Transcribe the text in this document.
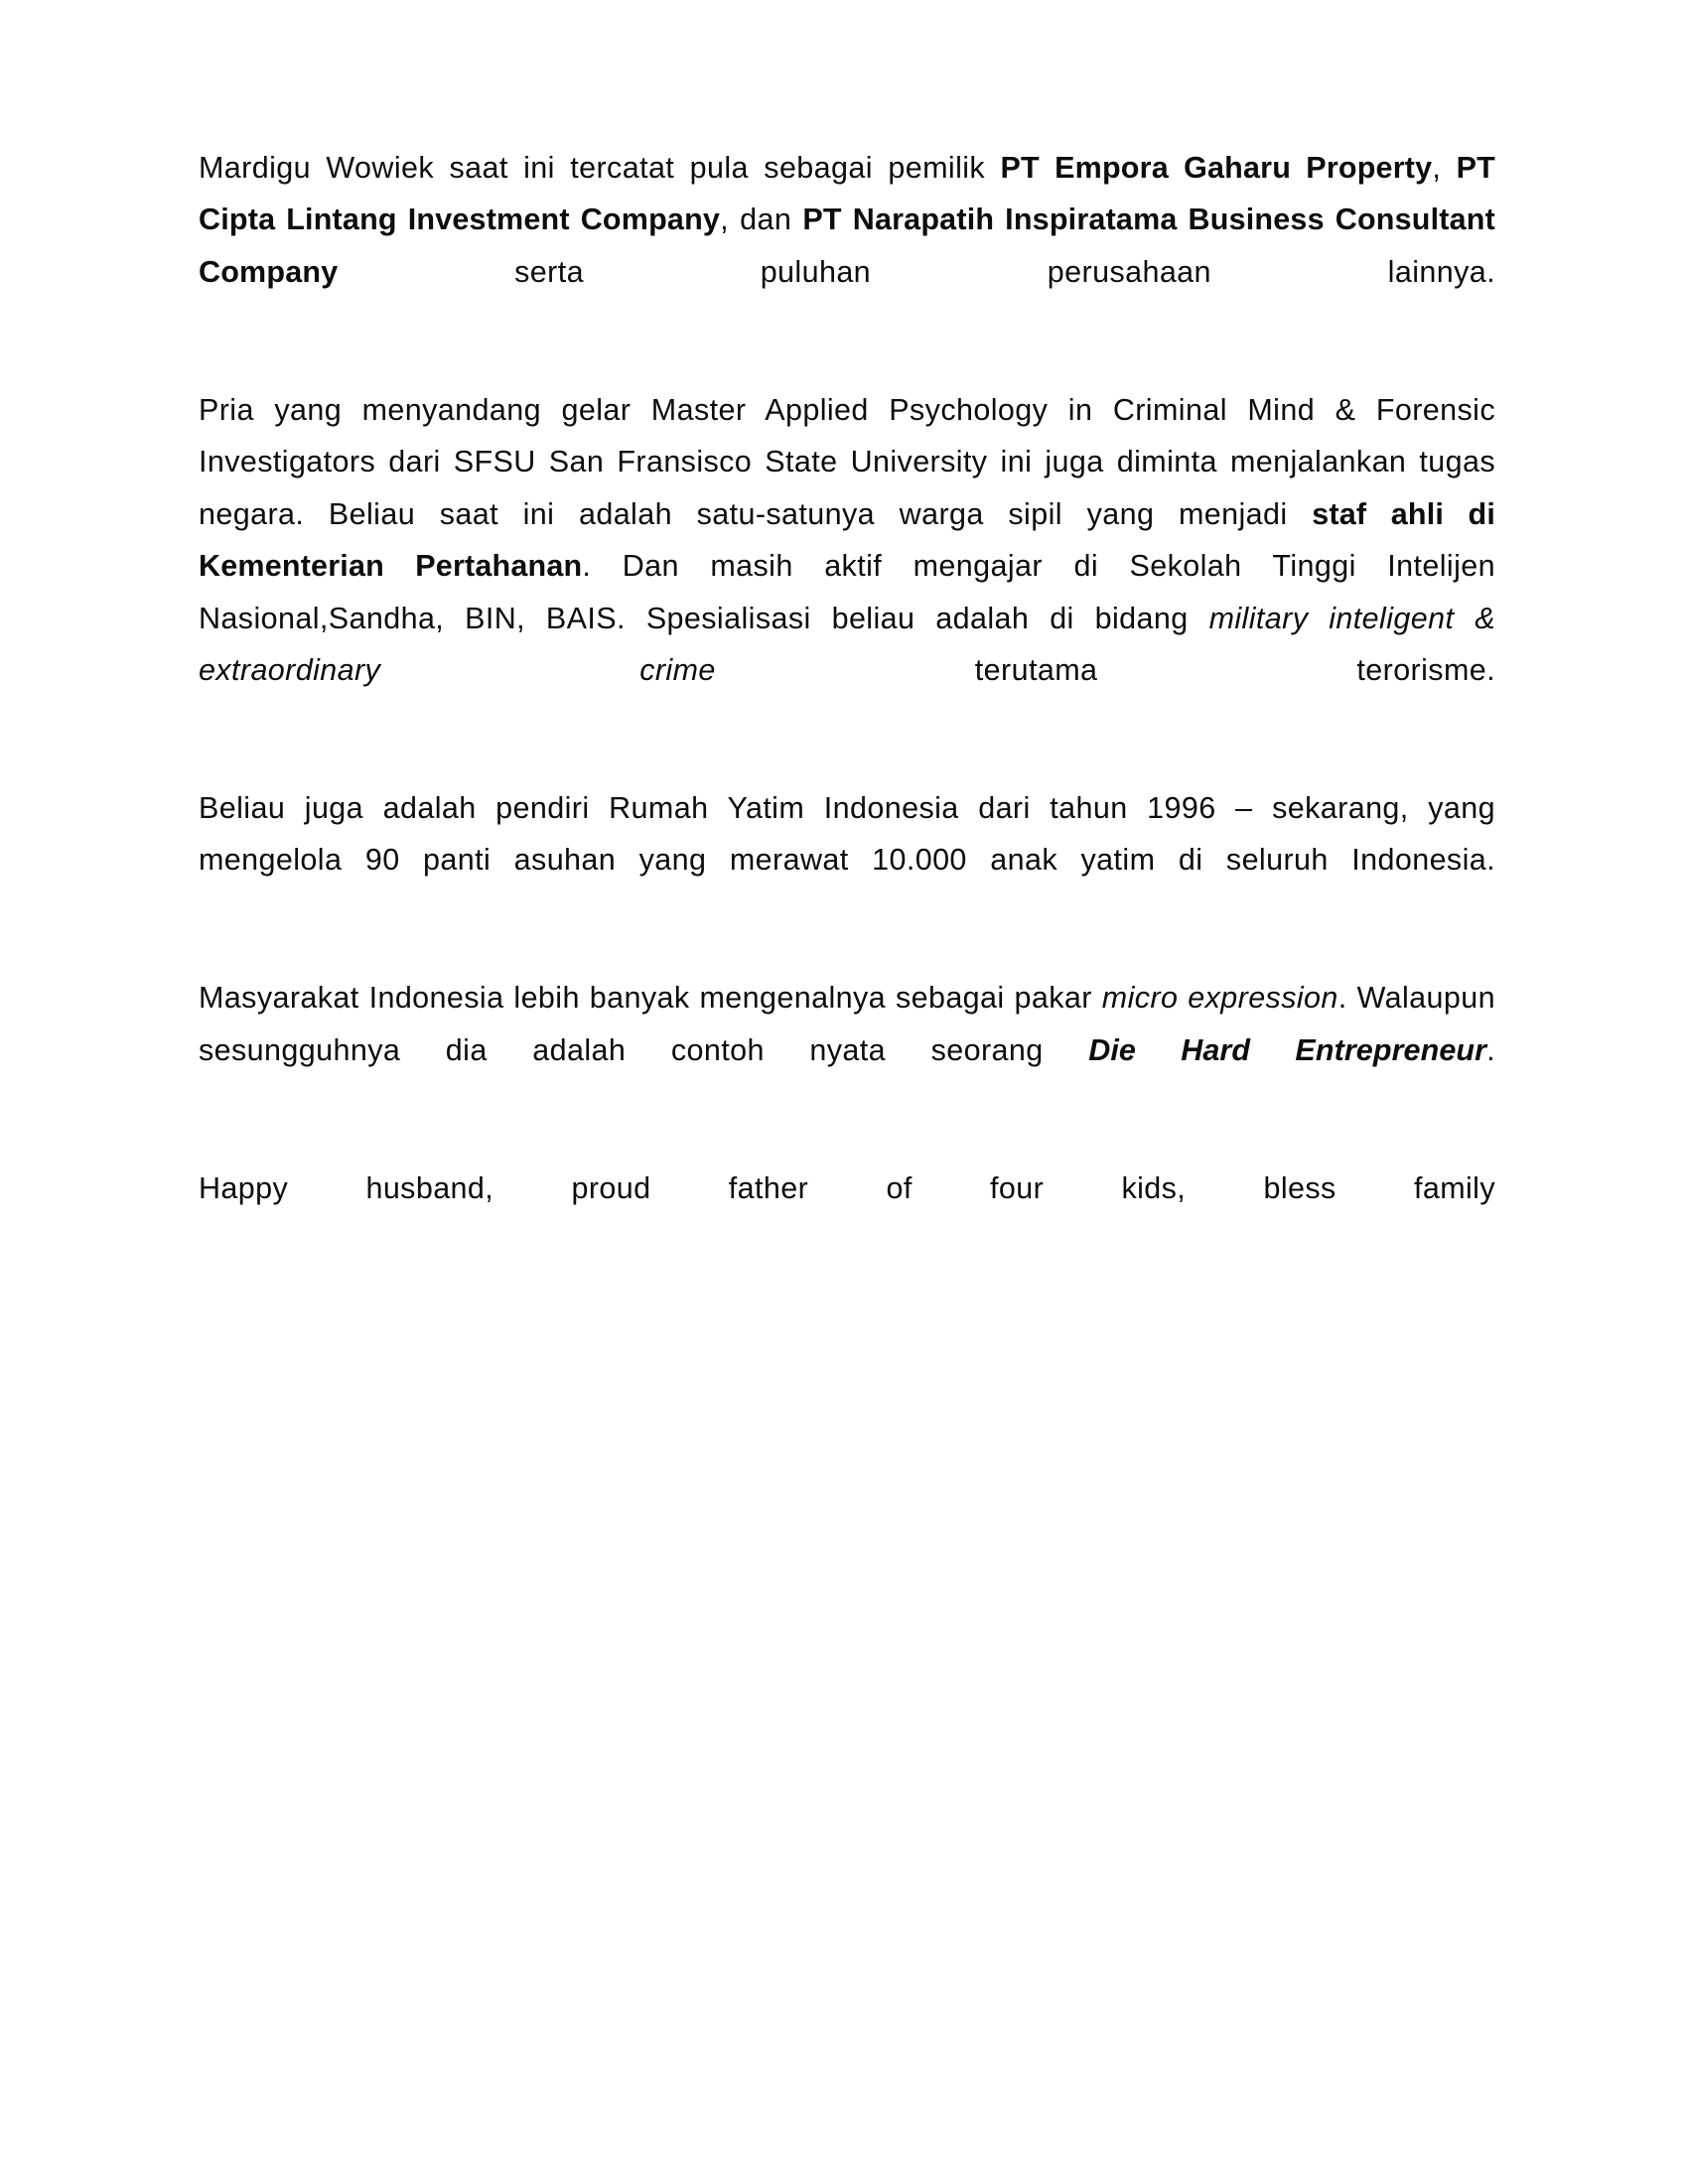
Mardigu Wowiek saat ini tercatat pula sebagai pemilik PT Empora Gaharu Property, PT Cipta Lintang Investment Company, dan PT Narapatih Inspiratama Business Consultant Company serta puluhan perusahaan lainnya.

Pria yang menyandang gelar Master Applied Psychology in Criminal Mind & Forensic Investigators dari SFSU San Fransisco State University ini juga diminta menjalankan tugas negara. Beliau saat ini adalah satu-satunya warga sipil yang menjadi staf ahli di Kementerian Pertahanan. Dan masih aktif mengajar di Sekolah Tinggi Intelijen Nasional,Sandha, BIN, BAIS. Spesialisasi beliau adalah di bidang military inteligent & extraordinary crime terutama terorisme.

Beliau juga adalah pendiri Rumah Yatim Indonesia dari tahun 1996 – sekarang, yang mengelola 90 panti asuhan yang merawat 10.000 anak yatim di seluruh Indonesia.

Masyarakat Indonesia lebih banyak mengenalnya sebagai pakar micro expression. Walaupun sesungguhnya dia adalah contoh nyata seorang Die Hard Entrepreneur.

Happy husband, proud father of four kids, bless family
